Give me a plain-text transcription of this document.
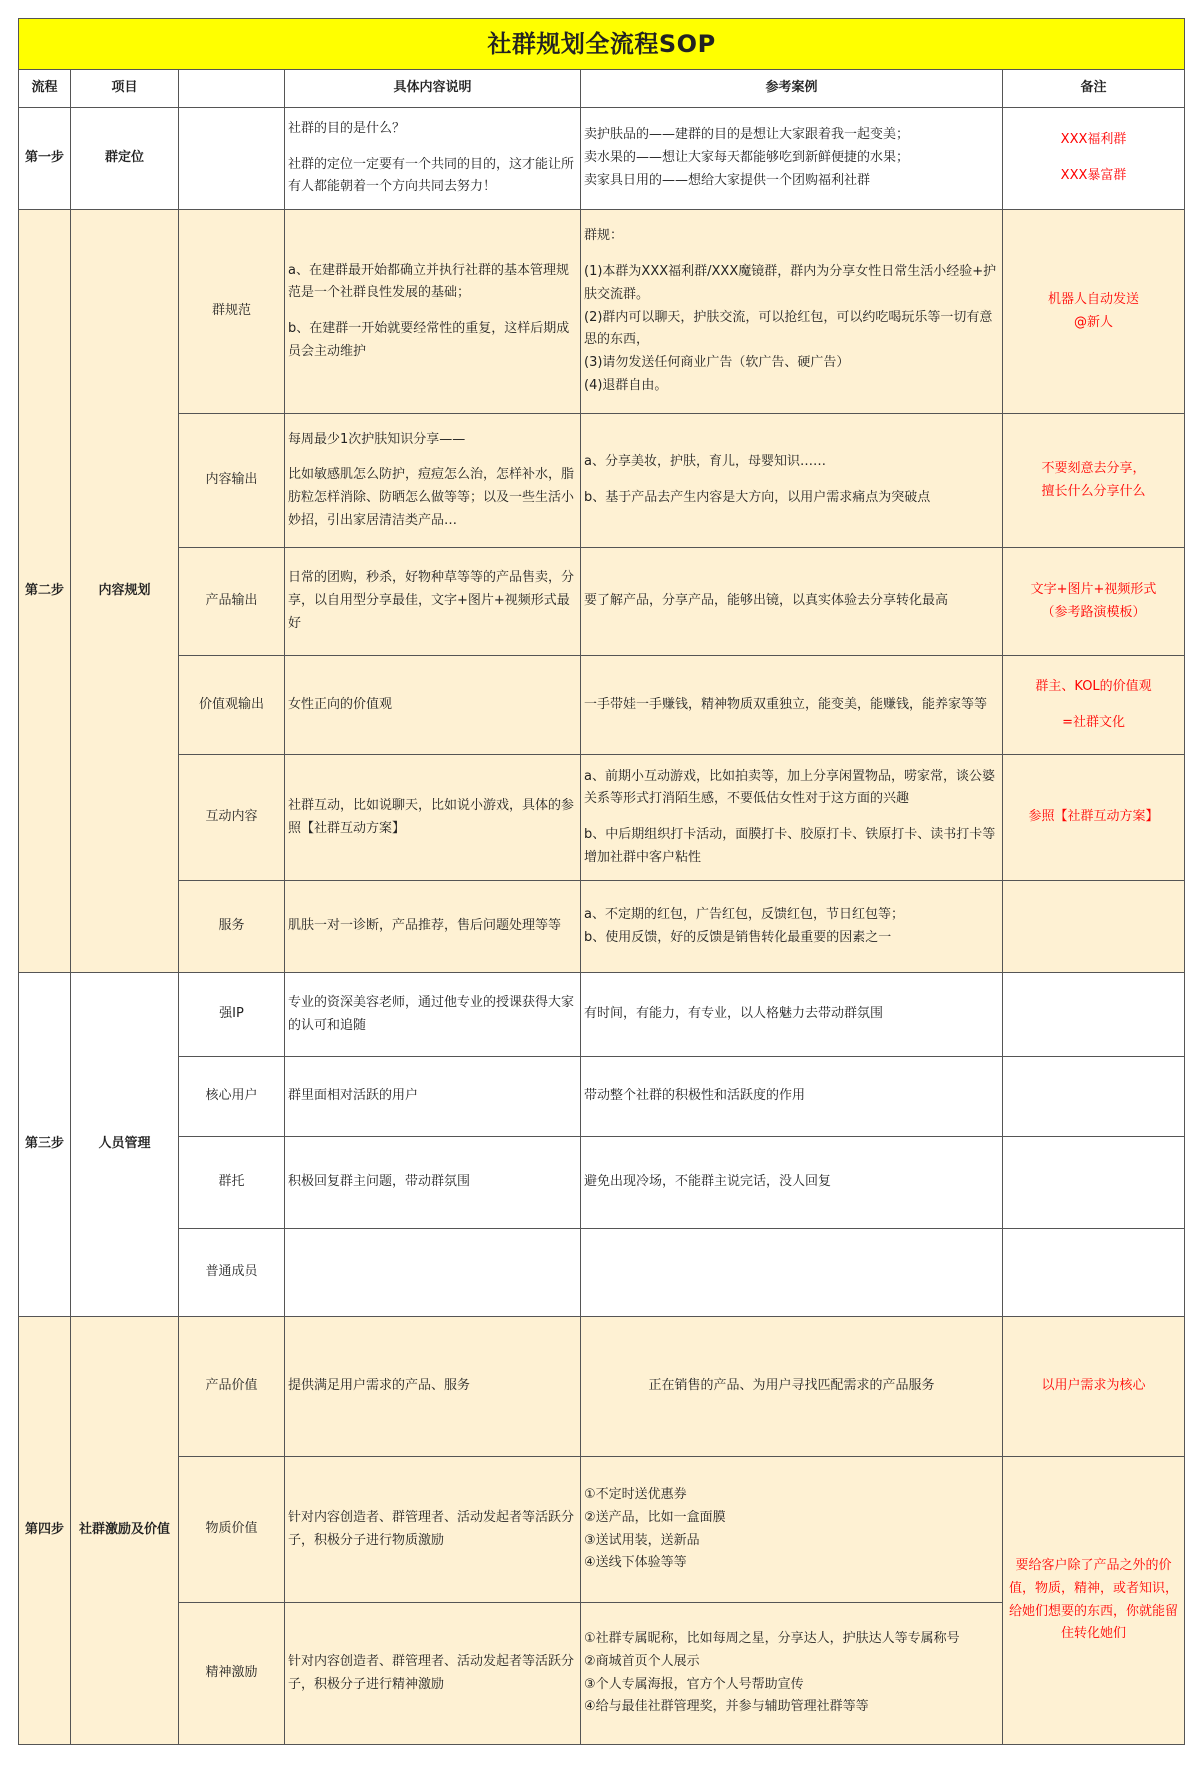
社群规划全流程SOP					
流程	项目		具体内容说明	参考案例	备注
第一步	群定位		社群的目的是什么？
社群的定位一定要有一个共同的目的，这才能让所有人都能朝着一个方向共同去努力！	卖护肤品的——建群的目的是想让大家跟着我一起变美；
卖水果的——想让大家每天都能够吃到新鲜便捷的水果；
卖家具日用的——想给大家提供一个团购福利社群	XXX福利群
XXX暴富群

第二步	内容规划	群规范	a、在建群最开始都确立并执行社群的基本管理规范是一个社群良性发展的基础；
b、在建群一开始就要经常性的重复，这样后期成员会主动维护	群规：
(1)本群为XXX福利群/XXX魔镜群，群内为分享女性日常生活小经验+护肤交流群。
(2)群内可以聊天，护肤交流，可以抢红包，可以约吃喝玩乐等一切有意思的东西，
(3)请勿发送任何商业广告（软广告、硬广告）
(4)退群自由。	机器人自动发送
@新人

		内容输出	每周最少1次护肤知识分享——
比如敏感肌怎么防护，痘痘怎么治，怎样补水，脂肪粒怎样消除、防晒怎么做等等；以及一些生活小妙招，引出家居清洁类产品…	a、分享美妆，护肤，育儿，母婴知识……
b、基于产品去产生内容是大方向，以用户需求痛点为突破点	不要刻意去分享，
擅长什么分享什么

		产品输出	日常的团购，秒杀，好物种草等等的产品售卖，分享，以自用型分享最佳，文字+图片+视频形式最好	要了解产品，分享产品，能够出镜，以真实体验去分享转化最高	文字+图片+视频形式
（参考路演模板）

		价值观输出	女性正向的价值观	一手带娃一手赚钱，精神物质双重独立，能变美，能赚钱，能养家等等	群主、KOL的价值观
=社群文化

		互动内容	社群互动，比如说聊天，比如说小游戏，具体的参照【社群互动方案】	a、前期小互动游戏，比如拍卖等，加上分享闲置物品，唠家常，谈公婆关系等形式打消陌生感，不要低估女性对于这方面的兴趣
b、中后期组织打卡活动，面膜打卡、胶原打卡、铁原打卡、读书打卡等增加社群中客户粘性	参照【社群互动方案】

		服务	肌肤一对一诊断，产品推荐，售后问题处理等等	a、不定期的红包，广告红包，反馈红包，节日红包等；
b、使用反馈，好的反馈是销售转化最重要的因素之一	

第三步	人员管理	强IP	专业的资深美容老师，通过他专业的授课获得大家的认可和追随	有时间，有能力，有专业，以人格魅力去带动群氛围	
		核心用户	群里面相对活跃的用户	带动整个社群的积极性和活跃度的作用	
		群托	积极回复群主问题，带动群氛围	避免出现冷场，不能群主说完话，没人回复	
		普通成员			
第四步	社群激励及价值	产品价值	提供满足用户需求的产品、服务	正在销售的产品、为用户寻找匹配需求的产品服务	以用户需求为核心
		物质价值	针对内容创造者、群管理者、活动发起者等活跃分子，积极分子进行物质激励	①不定时送优惠券
②送产品，比如一盒面膜
③送试用装，送新品
④送线下体验等等	要给客户除了产品之外的价值，物质，精神，或者知识，给她们想要的东西，你就能留住转化她们
		精神激励	针对内容创造者、群管理者、活动发起者等活跃分子，积极分子进行精神激励	①社群专属昵称，比如每周之星，分享达人，护肤达人等专属称号
②商城首页个人展示
③个人专属海报，官方个人号帮助宣传
④给与最佳社群管理奖，并参与辅助管理社群等等	
